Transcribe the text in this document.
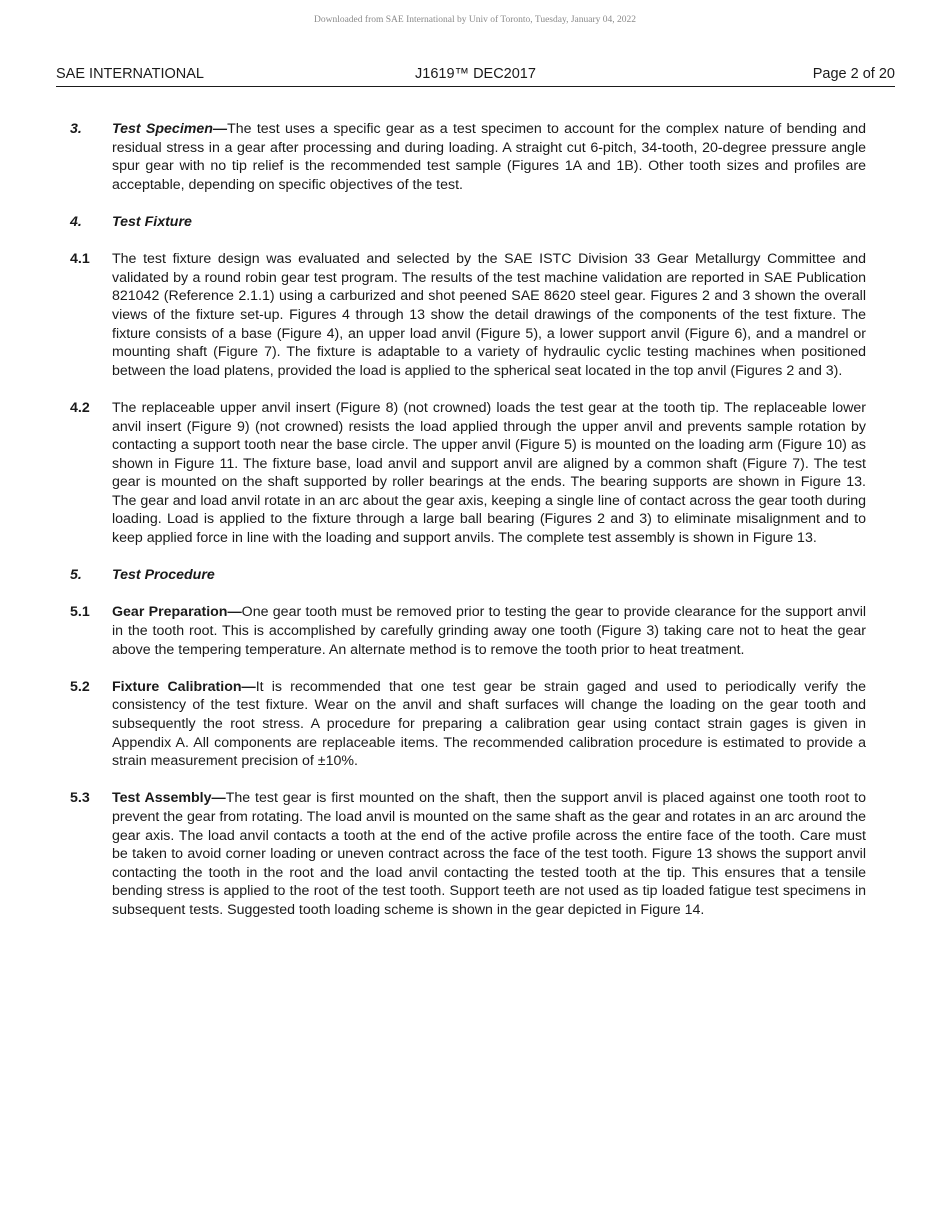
Downloaded from SAE International by Univ of Toronto, Tuesday, January 04, 2022
SAE INTERNATIONAL	J1619™ DEC2017	Page 2 of 20
3. Test Specimen—The test uses a specific gear as a test specimen to account for the complex nature of bending and residual stress in a gear after processing and during loading. A straight cut 6-pitch, 34-tooth, 20-degree pressure angle spur gear with no tip relief is the recommended test sample (Figures 1A and 1B). Other tooth sizes and profiles are acceptable, depending on specific objectives of the test.

4. Test Fixture

4.1 The test fixture design was evaluated and selected by the SAE ISTC Division 33 Gear Metallurgy Committee and validated by a round robin gear test program. The results of the test machine validation are reported in SAE Publication 821042 (Reference 2.1.1) using a carburized and shot peened SAE 8620 steel gear. Figures 2 and 3 shown the overall views of the fixture set-up. Figures 4 through 13 show the detail drawings of the components of the test fixture. The fixture consists of a base (Figure 4), an upper load anvil (Figure 5), a lower support anvil (Figure 6), and a mandrel or mounting shaft (Figure 7). The fixture is adaptable to a variety of hydraulic cyclic testing machines when positioned between the load platens, provided the load is applied to the spherical seat located in the top anvil (Figures 2 and 3).

4.2 The replaceable upper anvil insert (Figure 8) (not crowned) loads the test gear at the tooth tip. The replaceable lower anvil insert (Figure 9) (not crowned) resists the load applied through the upper anvil and prevents sample rotation by contacting a support tooth near the base circle. The upper anvil (Figure 5) is mounted on the loading arm (Figure 10) as shown in Figure 11. The fixture base, load anvil and support anvil are aligned by a common shaft (Figure 7). The test gear is mounted on the shaft supported by roller bearings at the ends. The bearing supports are shown in Figure 13. The gear and load anvil rotate in an arc about the gear axis, keeping a single line of contact across the gear tooth during loading. Load is applied to the fixture through a large ball bearing (Figures 2 and 3) to eliminate misalignment and to keep applied force in line with the loading and support anvils. The complete test assembly is shown in Figure 13.

5. Test Procedure

5.1 Gear Preparation—One gear tooth must be removed prior to testing the gear to provide clearance for the support anvil in the tooth root. This is accomplished by carefully grinding away one tooth (Figure 3) taking care not to heat the gear above the tempering temperature. An alternate method is to remove the tooth prior to heat treatment.

5.2 Fixture Calibration—It is recommended that one test gear be strain gaged and used to periodically verify the consistency of the test fixture. Wear on the anvil and shaft surfaces will change the loading on the gear tooth and subsequently the root stress. A procedure for preparing a calibration gear using contact strain gages is given in Appendix A. All components are replaceable items. The recommended calibration procedure is estimated to provide a strain measurement precision of ±10%.

5.3 Test Assembly—The test gear is first mounted on the shaft, then the support anvil is placed against one tooth root to prevent the gear from rotating. The load anvil is mounted on the same shaft as the gear and rotates in an arc around the gear axis. The load anvil contacts a tooth at the end of the active profile across the entire face of the tooth. Care must be taken to avoid corner loading or uneven contract across the face of the test tooth. Figure 13 shows the support anvil contacting the tooth in the root and the load anvil contacting the tested tooth at the tip. This ensures that a tensile bending stress is applied to the root of the test tooth. Support teeth are not used as tip loaded fatigue test specimens in subsequent tests. Suggested tooth loading scheme is shown in the gear depicted in Figure 14.
